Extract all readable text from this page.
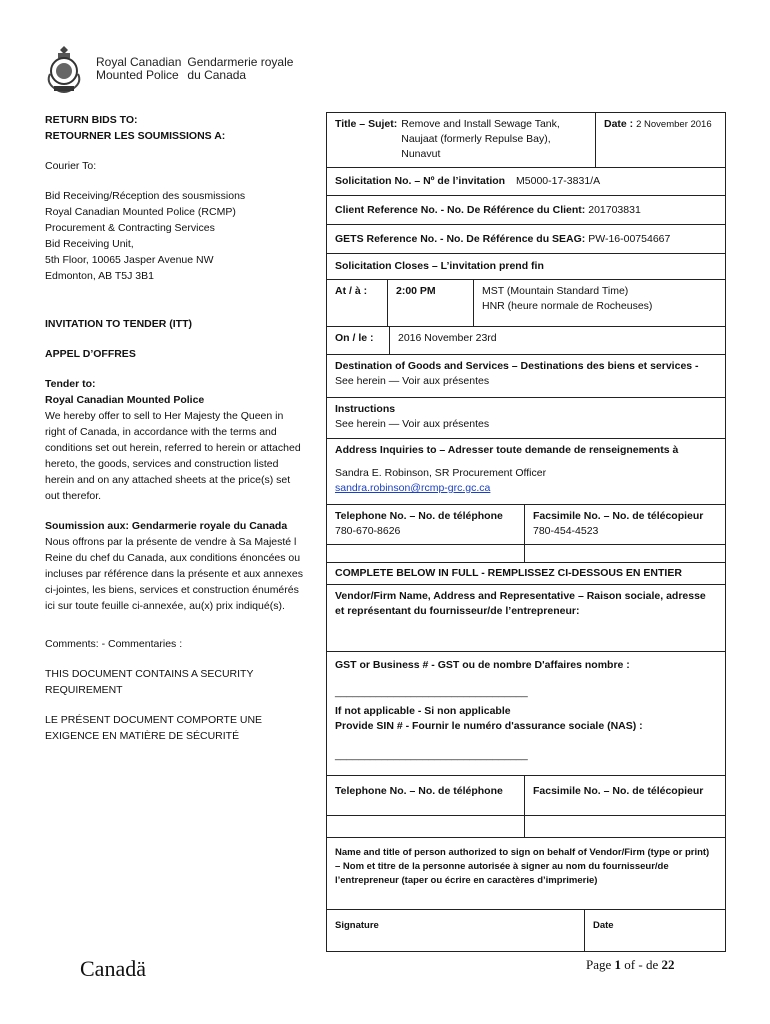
Royal Canadian
Mounted Police
Gendarmerie royale
du Canada
RETURN BIDS TO:
RETOURNER LES SOUMISSIONS A:
Courier To:
Bid Receiving/Réception des sousmissions
Royal Canadian Mounted Police (RCMP)
Procurement & Contracting Services
Bid Receiving Unit,
5th Floor, 10065 Jasper Avenue NW
Edmonton, AB T5J 3B1
INVITATION TO TENDER (ITT)
APPEL D’OFFRES
Tender to:
Royal Canadian Mounted Police
We hereby offer to sell to Her Majesty the Queen in right of Canada, in accordance with the terms and conditions set out herein, referred to herein or attached hereto, the goods, services and construction listed herein and on any attached sheets at the price(s) set out therefor.
Soumission aux: Gendarmerie royale du Canada
Nous offrons par la présente de vendre à Sa Majesté l Reine du chef du Canada, aux conditions énoncées ou incluses par référence dans la présente et aux annexes ci-jointes, les biens, services et construction énumérés ici sur toute feuille ci-annexée, au(x) prix indiqué(s).
Comments: - Commentaries :
THIS DOCUMENT CONTAINS A SECURITY REQUIREMENT
LE PRÉSENT DOCUMENT COMPORTE UNE EXIGENCE EN MATIÈRE DE SÉCURITÉ
Title – Sujet: Remove and Install Sewage Tank,
Naujaat (formerly Repulse Bay),
Nunavut
Date : 2 November 2016
Solicitation No. – Nº de l’invitation M5000-17-3831/A
Client Reference No. - No. De Référence du Client: 201703831
GETS Reference No. - No. De Référence du SEAG: PW-16-00754667
Solicitation Closes – L’invitation prend fin
At / à :	2:00 PM	MST (Mountain Standard Time)
HNR (heure normale de Rocheuses)
On / le :	2016 November 23rd
Destination of Goods and Services – Destinations des biens et services -
See herein — Voir aux présentes
Instructions
See herein — Voir aux présentes
Address Inquiries to – Adresser toute demande de renseignements à
Sandra E. Robinson, SR Procurement Officer
sandra.robinson@rcmp-grc.gc.ca
Telephone No. – No. de téléphone
780-670-8626
Facsimile No. – No. de télécopieur
780-454-4523
COMPLETE BELOW IN FULL - REMPLISSEZ CI-DESSOUS EN ENTIER
Vendor/Firm Name, Address and Representative – Raison sociale, adresse et représentant du fournisseur/de l’entrepreneur:
GST or Business # - GST ou de nombre D'affaires nombre :
_________________________________
If not applicable - Si non applicable
Provide SIN # - Fournir le numéro d'assurance sociale (NAS) :
_________________________________
Telephone No. – No. de téléphone	Facsimile No. – No. de télécopieur
Name and title of person authorized to sign on behalf of Vendor/Firm (type or print) – Nom et titre de la personne autorisée à signer au nom du fournisseur/de l’entrepreneur (taper ou écrire en caractères d’imprimerie)
Signature	Date
Canadä	Page 1 of - de 22
